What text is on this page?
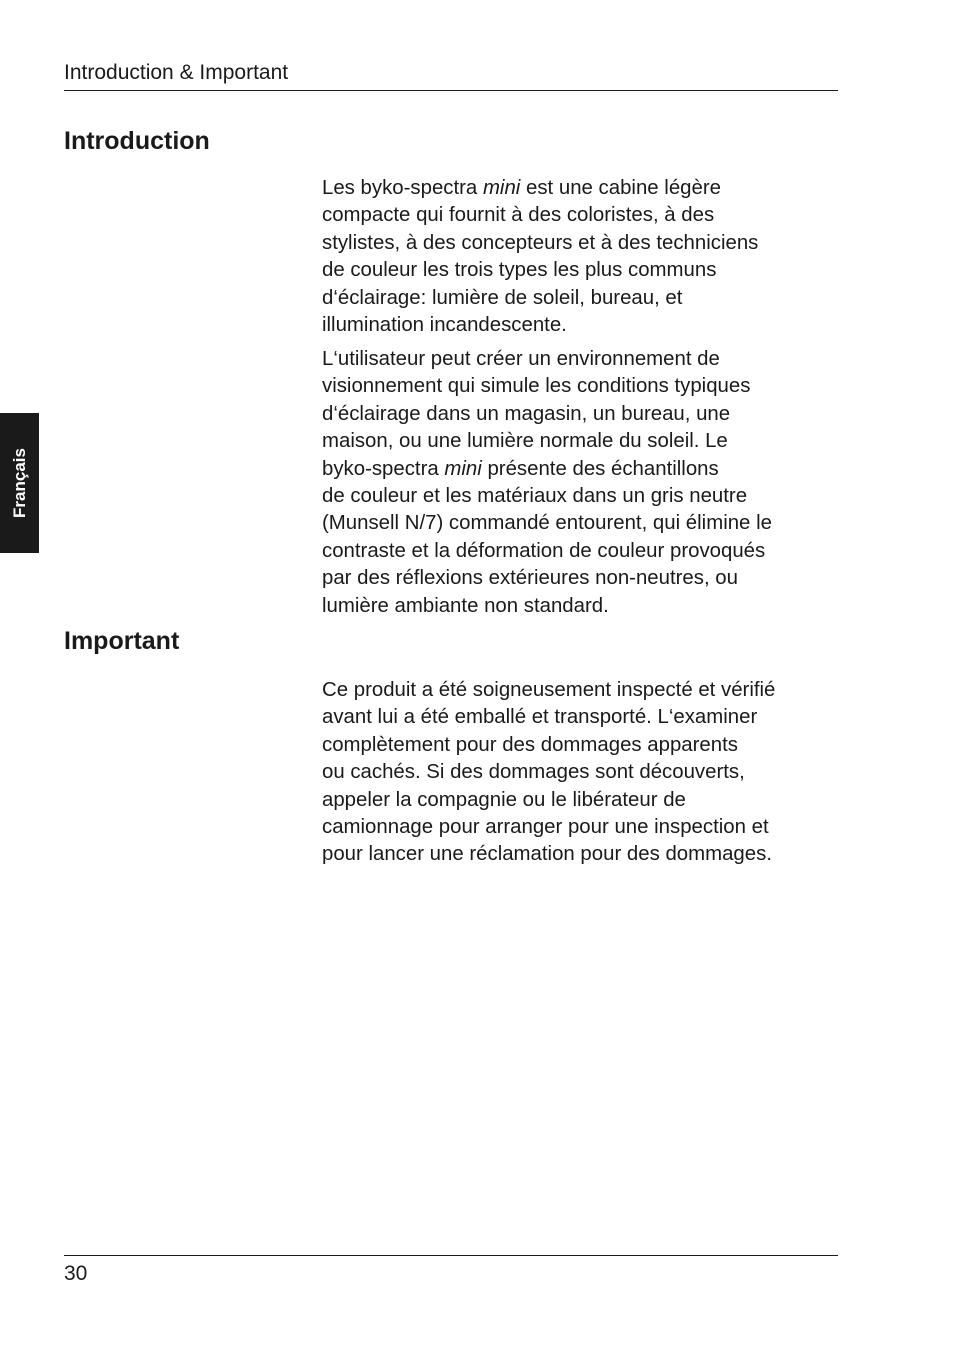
Introduction & Important
Français
Introduction

Les byko-spectra mini est une cabine légère
compacte qui fournit à des coloristes, à des
stylistes, à des concepteurs et à des techniciens
de couleur les trois types les plus communs
d‘éclairage: lumière de soleil, bureau, et
illumination incandescente.

L‘utilisateur peut créer un environnement de
visionnement qui simule les conditions typiques
d‘éclairage dans un magasin, un bureau, une
maison, ou une lumière normale du soleil. Le
byko-spectra mini présente des échantillons
de couleur et les matériaux dans un gris neutre
(Munsell N/7) commandé entourent, qui élimine le
contraste et la déformation de couleur provoqués
par des réflexions extérieures non-neutres, ou
lumière ambiante non standard.

Important

Ce produit a été soigneusement inspecté et vérifié
avant lui a été emballé et transporté. L‘examiner
complètement pour des dommages apparents
ou cachés. Si des dommages sont découverts,
appeler la compagnie ou le libérateur de
camionnage pour arranger pour une inspection et
pour lancer une réclamation pour des dommages.

30
